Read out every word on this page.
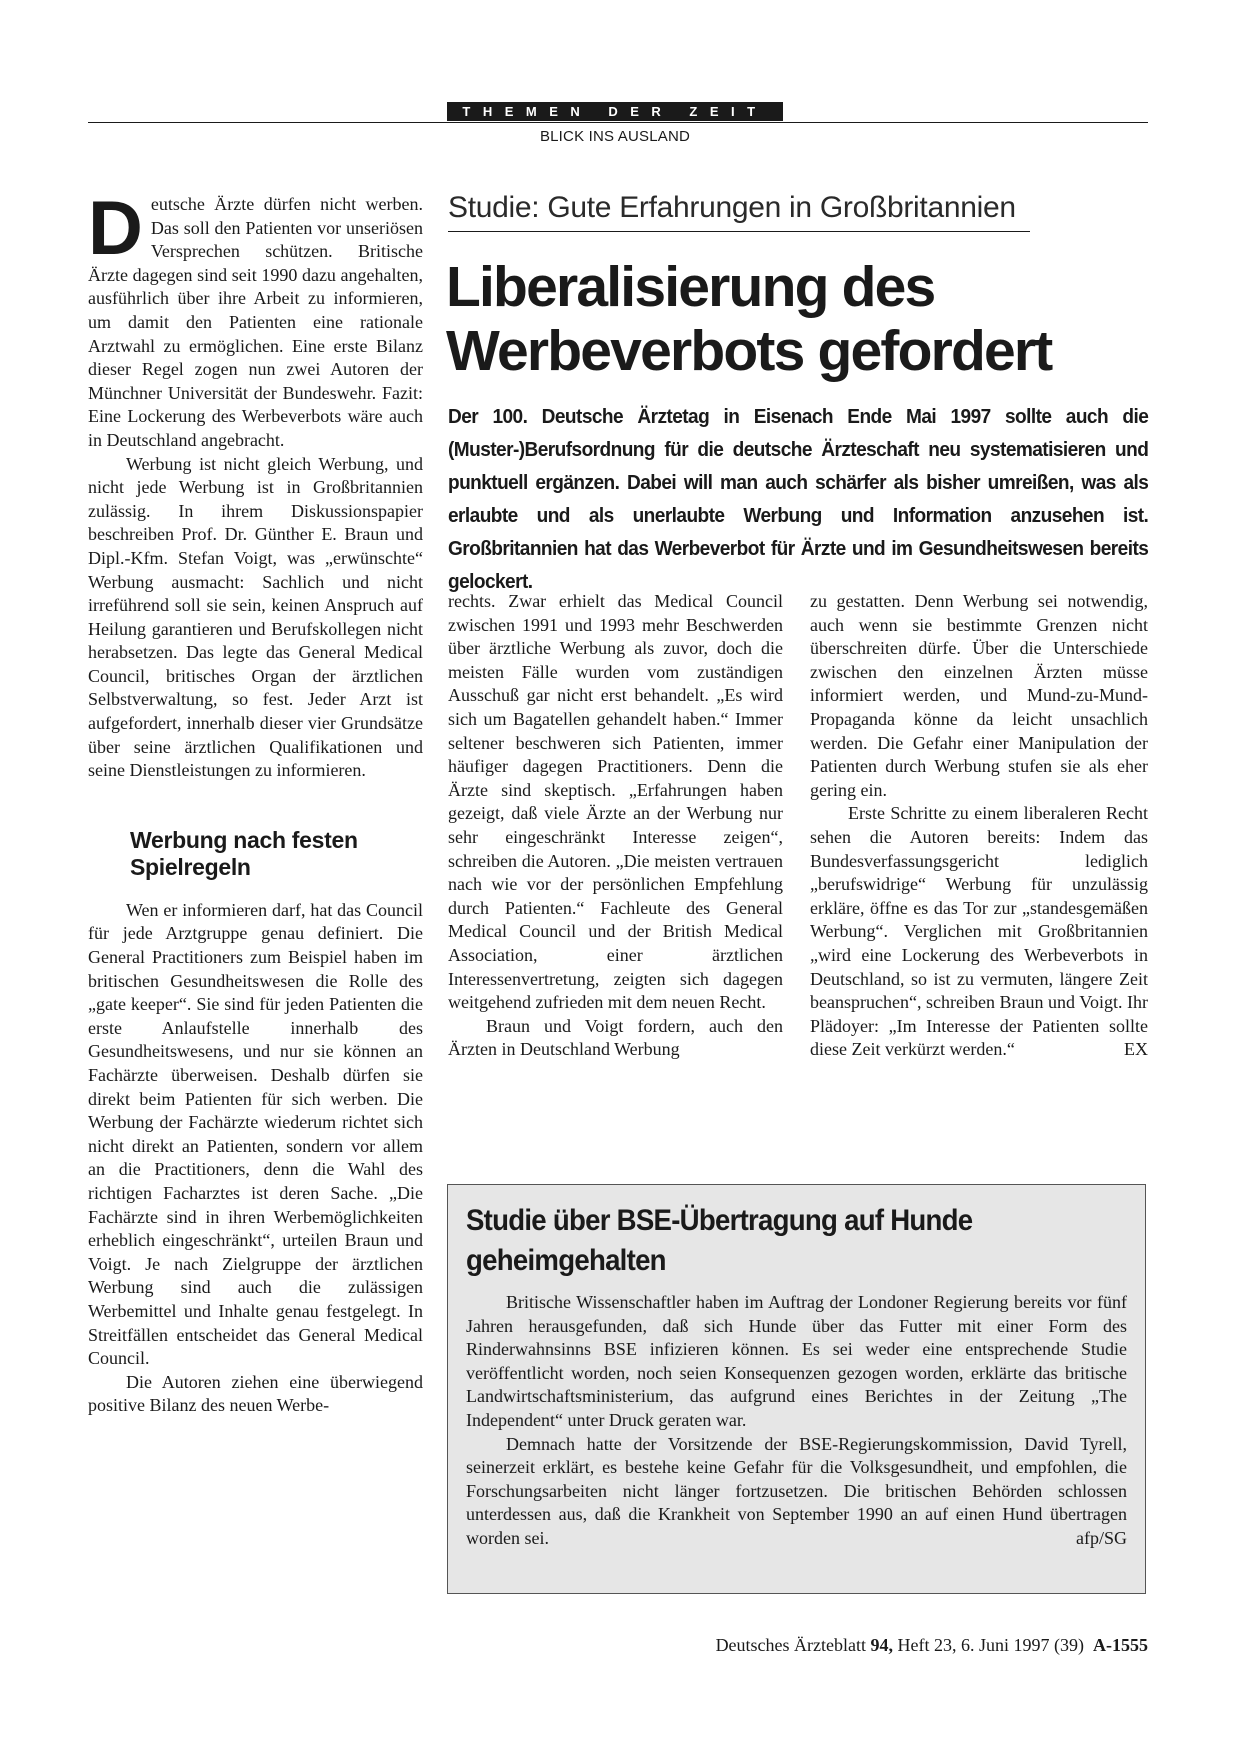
THEMEN DER ZEIT
BLICK INS AUSLAND

Deutsche Ärzte dürfen nicht werben. Das soll den Patienten vor unseriösen Versprechen schützen. Britische Ärzte dagegen sind seit 1990 dazu angehalten, ausführlich über ihre Arbeit zu informieren, um damit den Patienten eine rationale Arztwahl zu ermöglichen. Eine erste Bilanz dieser Regel zogen nun zwei Autoren der Münchner Universität der Bundeswehr. Fazit: Eine Lockerung des Werbeverbots wäre auch in Deutschland angebracht.

Werbung ist nicht gleich Werbung, und nicht jede Werbung ist in Großbritannien zulässig. In ihrem Diskussionspapier beschreiben Prof. Dr. Günther E. Braun und Dipl.-Kfm. Stefan Voigt, was „erwünschte“ Werbung ausmacht: Sachlich und nicht irreführend soll sie sein, keinen Anspruch auf Heilung garantieren und Berufskollegen nicht herabsetzen. Das legte das General Medical Council, britisches Organ der ärztlichen Selbstverwaltung, so fest. Jeder Arzt ist aufgefordert, innerhalb dieser vier Grundsätze über seine ärztlichen Qualifikationen und seine Dienstleistungen zu informieren.

Werbung nach festen Spielregeln

Wen er informieren darf, hat das Council für jede Arztgruppe genau definiert. Die General Practitioners zum Beispiel haben im britischen Gesundheitswesen die Rolle des „gate keeper“. Sie sind für jeden Patienten die erste Anlaufstelle innerhalb des Gesundheitswesens, und nur sie können an Fachärzte überweisen. Deshalb dürfen sie direkt beim Patienten für sich werben. Die Werbung der Fachärzte wiederum richtet sich nicht direkt an Patienten, sondern vor allem an die Practitioners, denn die Wahl des richtigen Facharztes ist deren Sache. „Die Fachärzte sind in ihren Werbemöglichkeiten erheblich eingeschränkt“, urteilen Braun und Voigt. Je nach Zielgruppe der ärztlichen Werbung sind auch die zulässigen Werbemittel und Inhalte genau festgelegt. In Streitfällen entscheidet das General Medical Council.

Die Autoren ziehen eine überwiegend positive Bilanz des neuen Werbe-

Studie: Gute Erfahrungen in Großbritannien
Liberalisierung des Werbeverbots gefordert

Der 100. Deutsche Ärztetag in Eisenach Ende Mai 1997 sollte auch die (Muster-)Berufsordnung für die deutsche Ärzteschaft neu systematisieren und punktuell ergänzen. Dabei will man auch schärfer als bisher umreißen, was als erlaubte und als unerlaubte Werbung und Information anzusehen ist. Großbritannien hat das Werbeverbot für Ärzte und im Gesundheitswesen bereits gelockert.

rechts. Zwar erhielt das Medical Council zwischen 1991 und 1993 mehr Beschwerden über ärztliche Werbung als zuvor, doch die meisten Fälle wurden vom zuständigen Ausschuß gar nicht erst behandelt. „Es wird sich um Bagatellen gehandelt haben.“ Immer seltener beschweren sich Patienten, immer häufiger dagegen Practitioners. Denn die Ärzte sind skeptisch. „Erfahrungen haben gezeigt, daß viele Ärzte an der Werbung nur sehr eingeschränkt Interesse zeigen“, schreiben die Autoren. „Die meisten vertrauen nach wie vor der persönlichen Empfehlung durch Patienten.“ Fachleute des General Medical Council und der British Medical Association, einer ärztlichen Interessenvertretung, zeigten sich dagegen weitgehend zufrieden mit dem neuen Recht.

Braun und Voigt fordern, auch den Ärzten in Deutschland Werbung

zu gestatten. Denn Werbung sei notwendig, auch wenn sie bestimmte Grenzen nicht überschreiten dürfe. Über die Unterschiede zwischen den einzelnen Ärzten müsse informiert werden, und Mund-zu-Mund-Propaganda könne da leicht unsachlich werden. Die Gefahr einer Manipulation der Patienten durch Werbung stufen sie als eher gering ein.

Erste Schritte zu einem liberaleren Recht sehen die Autoren bereits: Indem das Bundesverfassungsgericht lediglich „berufswidrige“ Werbung für unzulässig erkläre, öffne es das Tor zur „standesgemäßen Werbung“. Verglichen mit Großbritannien „wird eine Lockerung des Werbeverbots in Deutschland, so ist zu vermuten, längere Zeit beanspruchen“, schreiben Braun und Voigt. Ihr Plädoyer: „Im Interesse der Patienten sollte diese Zeit verkürzt werden.“	EX

Studie über BSE-Übertragung auf Hunde geheimgehalten

Britische Wissenschaftler haben im Auftrag der Londoner Regierung bereits vor fünf Jahren herausgefunden, daß sich Hunde über das Futter mit einer Form des Rinderwahnsinns BSE infizieren können. Es sei weder eine entsprechende Studie veröffentlicht worden, noch seien Konsequenzen gezogen worden, erklärte das britische Landwirtschaftsministerium, das aufgrund eines Berichtes in der Zeitung „The Independent“ unter Druck geraten war.

Demnach hatte der Vorsitzende der BSE-Regierungskommission, David Tyrell, seinerzeit erklärt, es bestehe keine Gefahr für die Volksgesundheit, und empfohlen, die Forschungsarbeiten nicht länger fortzusetzen. Die britischen Behörden schlossen unterdessen aus, daß die Krankheit von September 1990 an auf einen Hund übertragen worden sei.	afp/SG

Deutsches Ärzteblatt 94, Heft 23, 6. Juni 1997 (39) A-1555
